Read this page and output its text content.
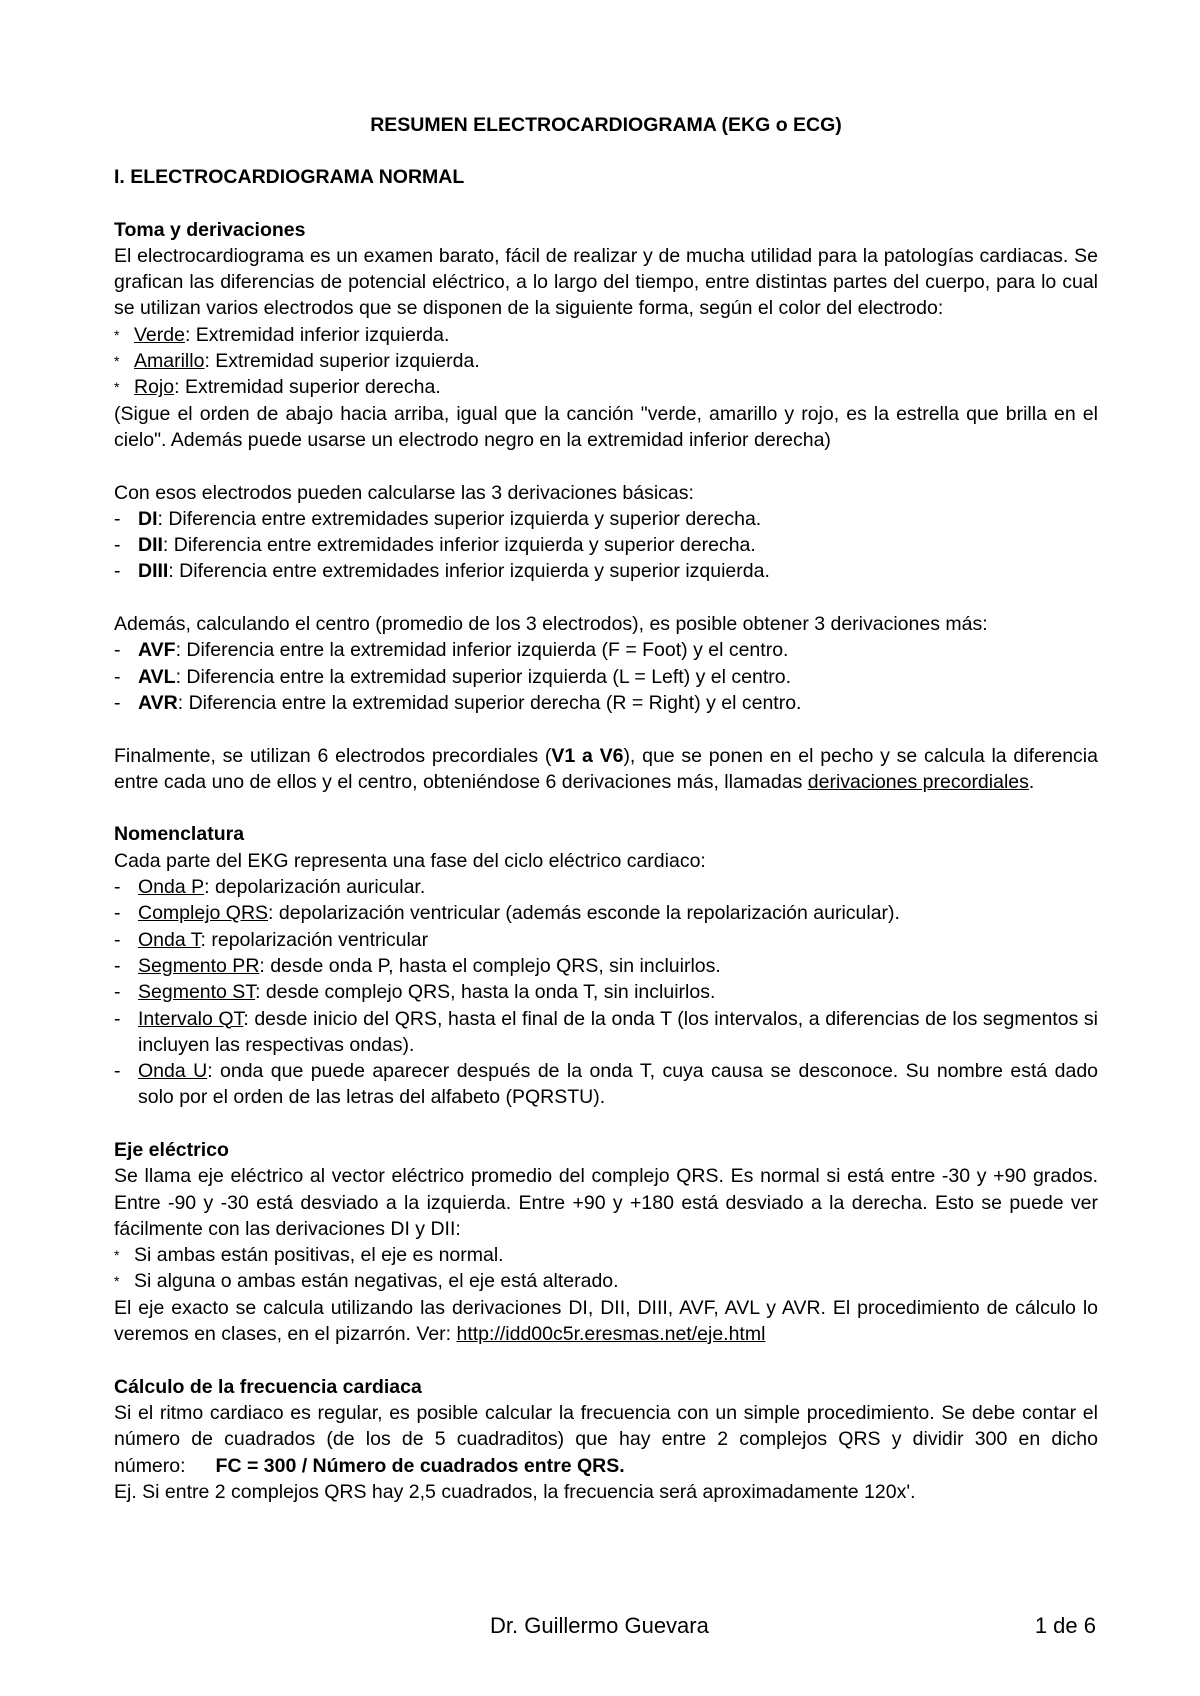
RESUMEN ELECTROCARDIOGRAMA (EKG o ECG)
I. ELECTROCARDIOGRAMA NORMAL
Toma y derivaciones

El electrocardiograma es un examen barato, fácil de realizar y de mucha utilidad para la patologías cardiacas. Se grafican las diferencias de potencial eléctrico, a lo largo del tiempo, entre distintas partes del cuerpo, para lo cual se utilizan varios electrodos que se disponen de la siguiente forma, según el color del electrodo:

* Verde: Extremidad inferior izquierda.
* Amarillo: Extremidad superior izquierda.
* Rojo: Extremidad superior derecha.

(Sigue el orden de abajo hacia arriba, igual que la canción "verde, amarillo y rojo, es la estrella que brilla en el cielo". Además puede usarse un electrodo negro en la extremidad inferior derecha)

Con esos electrodos pueden calcularse las 3 derivaciones básicas:

- DI: Diferencia entre extremidades superior izquierda y superior derecha.
- DII: Diferencia entre extremidades inferior izquierda y superior derecha.
- DIII: Diferencia entre extremidades inferior izquierda y superior izquierda.

Además, calculando el centro (promedio de los 3 electrodos), es posible obtener 3 derivaciones más:

- AVF: Diferencia entre la extremidad inferior izquierda (F = Foot) y el centro.
- AVL: Diferencia entre la extremidad superior izquierda (L = Left) y el centro.
- AVR: Diferencia entre la extremidad superior derecha (R = Right) y el centro.

Finalmente, se utilizan 6 electrodos precordiales (V1 a V6), que se ponen en el pecho y se calcula la diferencia entre cada uno de ellos y el centro, obteniéndose 6 derivaciones más, llamadas derivaciones precordiales.

Nomenclatura

Cada parte del EKG representa una fase del ciclo eléctrico cardiaco:

- Onda P: depolarización auricular.
- Complejo QRS: depolarización ventricular (además esconde la repolarización auricular).
- Onda T: repolarización ventricular
- Segmento PR: desde onda P, hasta el complejo QRS, sin incluirlos.
- Segmento ST: desde complejo QRS, hasta la onda T, sin incluirlos.
- Intervalo QT: desde inicio del QRS, hasta el final de la onda T (los intervalos, a diferencias de los segmentos si incluyen las respectivas ondas).
- Onda U: onda que puede aparecer después de la onda T, cuya causa se desconoce. Su nombre está dado solo por el orden de las letras del alfabeto (PQRSTU).
Eje eléctrico

Se llama eje eléctrico al vector eléctrico promedio del complejo QRS. Es normal si está entre -30 y +90 grados. Entre -90 y -30 está desviado a la izquierda. Entre +90 y +180 está desviado a la derecha. Esto se puede ver fácilmente con las derivaciones DI y DII:

* Si ambas están positivas, el eje es normal.
* Si alguna o ambas están negativas, el eje está alterado.

El eje exacto se calcula utilizando las derivaciones DI, DII, DIII, AVF, AVL y AVR. El procedimiento de cálculo lo veremos en clases, en el pizarrón. Ver: http://idd00c5r.eresmas.net/eje.html

Cálculo de la frecuencia cardiaca

Si el ritmo cardiaco es regular, es posible calcular la frecuencia con un simple procedimiento. Se debe contar el número de cuadrados (de los de 5 cuadraditos) que hay entre 2 complejos QRS y dividir 300 en dicho número: FC = 300 / Número de cuadrados entre QRS.

Ej. Si entre 2 complejos QRS hay 2,5 cuadrados, la frecuencia será aproximadamente 120x'.

Dr. Guillermo Guevara	1 de 6
